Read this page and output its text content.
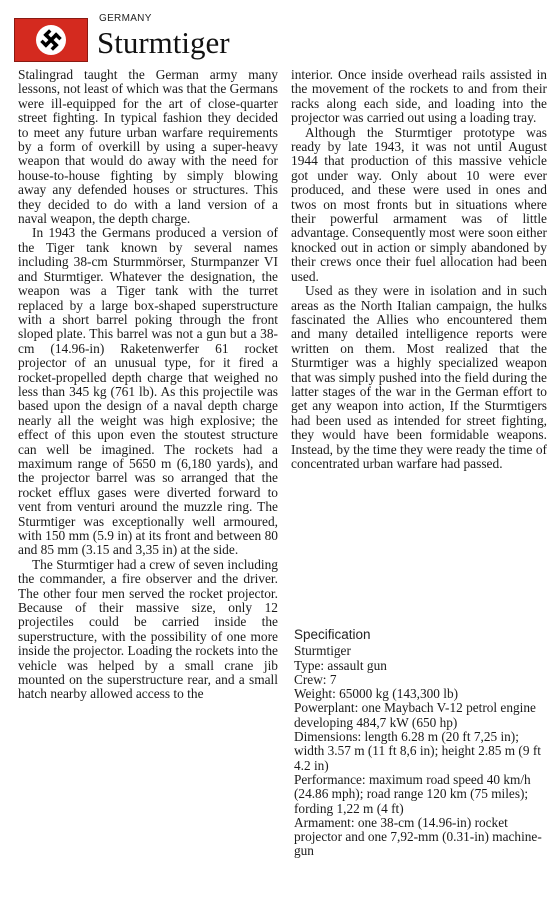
GERMANY
Sturmtiger

Stalingrad taught the German army many lessons, not least of which was that the Germans were ill-equipped for the art of close-quarter street fighting. In typical fashion they decided to meet any future urban warfare requirements by a form of overkill by using a super-heavy weapon that would do away with the need for house-to-house fighting by simply blowing away any defended houses or structures. This they decided to do with a land version of a naval weapon, the depth charge.

In 1943 the Germans produced a version of the Tiger tank known by several names including 38-cm Sturmmörser, Sturmpanzer VI and Sturmtiger. Whatever the designation, the weapon was a Tiger tank with the turret replaced by a large box-shaped superstructure with a short barrel poking through the front sloped plate. This barrel was not a gun but a 38-cm (14.96-in) Raketenwerfer 61 rocket projector of an unusual type, for it fired a rocket-propelled depth charge that weighed no less than 345 kg (761 lb). As this projectile was based upon the design of a naval depth charge nearly all the weight was high explosive; the effect of this upon even the stoutest structure can well be imagined. The rockets had a maximum range of 5650 m (6,180 yards), and the projector barrel was so arranged that the rocket efflux gases were diverted forward to vent from venturi around the muzzle ring. The Sturmtiger was exceptionally well armoured, with 150 mm (5.9 in) at its front and between 80 and 85 mm (3.15 and 3,35 in) at the side.

The Sturmtiger had a crew of seven including the commander, a fire observer and the driver. The other four men served the rocket projector. Because of their massive size, only 12 projectiles could be carried inside the superstructure, with the possibility of one more inside the projector. Loading the rockets into the vehicle was helped by a small crane jib mounted on the superstructure rear, and a small hatch nearby allowed access to the

interior. Once inside overhead rails assisted in the movement of the rockets to and from their racks along each side, and loading into the projector was carried out using a loading tray.

Although the Sturmtiger prototype was ready by late 1943, it was not until August 1944 that production of this massive vehicle got under way. Only about 10 were ever produced, and these were used in ones and twos on most fronts but in situations where their powerful armament was of little advantage. Consequently most were soon either knocked out in action or simply abandoned by their crews once their fuel allocation had been used.

Used as they were in isolation and in such areas as the North Italian campaign, the hulks fascinated the Allies who encountered them and many detailed intelligence reports were written on them. Most realized that the Sturmtiger was a highly specialized weapon that was simply pushed into the field during the latter stages of the war in the German effort to get any weapon into action, If the Sturmtigers had been used as intended for street fighting, they would have been formidable weapons. Instead, by the time they were ready the time of concentrated urban warfare had passed.

Specification
Sturmtiger
Type: assault gun
Crew: 7
Weight: 65000 kg (143,300 lb)
Powerplant: one Maybach V-12 petrol engine developing 484,7 kW (650 hp)
Dimensions: length 6.28 m (20 ft 7,25 in); width 3.57 m (11 ft 8,6 in); height 2.85 m (9 ft 4.2 in)
Performance: maximum road speed 40 km/h (24.86 mph); road range 120 km (75 miles); fording 1,22 m (4 ft)
Armament: one 38-cm (14.96-in) rocket projector and one 7,92-mm (0.31-in) machine-gun
